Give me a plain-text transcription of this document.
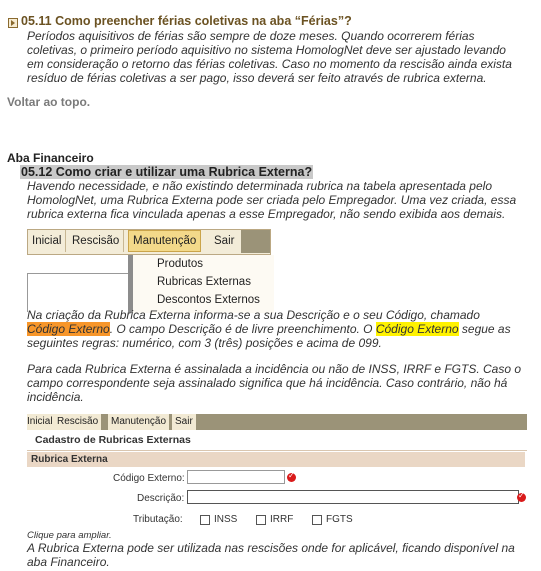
05.11 Como preencher férias coletivas na aba “Férias”?
Períodos aquisitivos de férias são sempre de doze meses. Quando ocorrerem férias
coletivas, o primeiro período aquisitivo no sistema HomologNet deve ser ajustado levando
em consideração o retorno das férias coletivas. Caso no momento da rescisão ainda exista
resíduo de férias coletivas a ser pago, isso deverá ser feito através de rubrica externa.
Voltar ao topo.
Aba Financeiro
05.12 Como criar e utilizar uma Rubrica Externa?
Havendo necessidade, e não existindo determinada rubrica na tabela apresentada pelo
HomologNet, uma Rubrica Externa pode ser criada pelo Empregador. Uma vez criada, essa
rubrica externa fica vinculada apenas a esse Empregador, não sendo exibida aos demais.
Inicial Rescisão	Manutenção	Sair
Produtos
Rubricas Externas
Descontos Externos
Na criação da Rubrica Externa informa-se a sua Descrição e o seu Código, chamado
Código Externo. O campo Descrição é de livre preenchimento. O Código Externo segue as
seguintes regras: numérico, com 3 (três) posições e acima de 099.
Para cada Rubrica Externa é assinalada a incidência ou não de INSS, IRRF e FGTS. Caso o
campo correspondente seja assinalado significa que há incidência. Caso contrário, não há
incidência.
Inicial Rescisão	Manutenção Sair
Cadastro de Rubricas Externas
Rubrica Externa
Código Externo:
✓
Descrição:
✓
Tributação:	INSS	IRRF	FGTS
Clique para ampliar.
A Rubrica Externa pode ser utilizada nas rescisões onde for aplicável, ficando disponível na
aba Financeiro.
